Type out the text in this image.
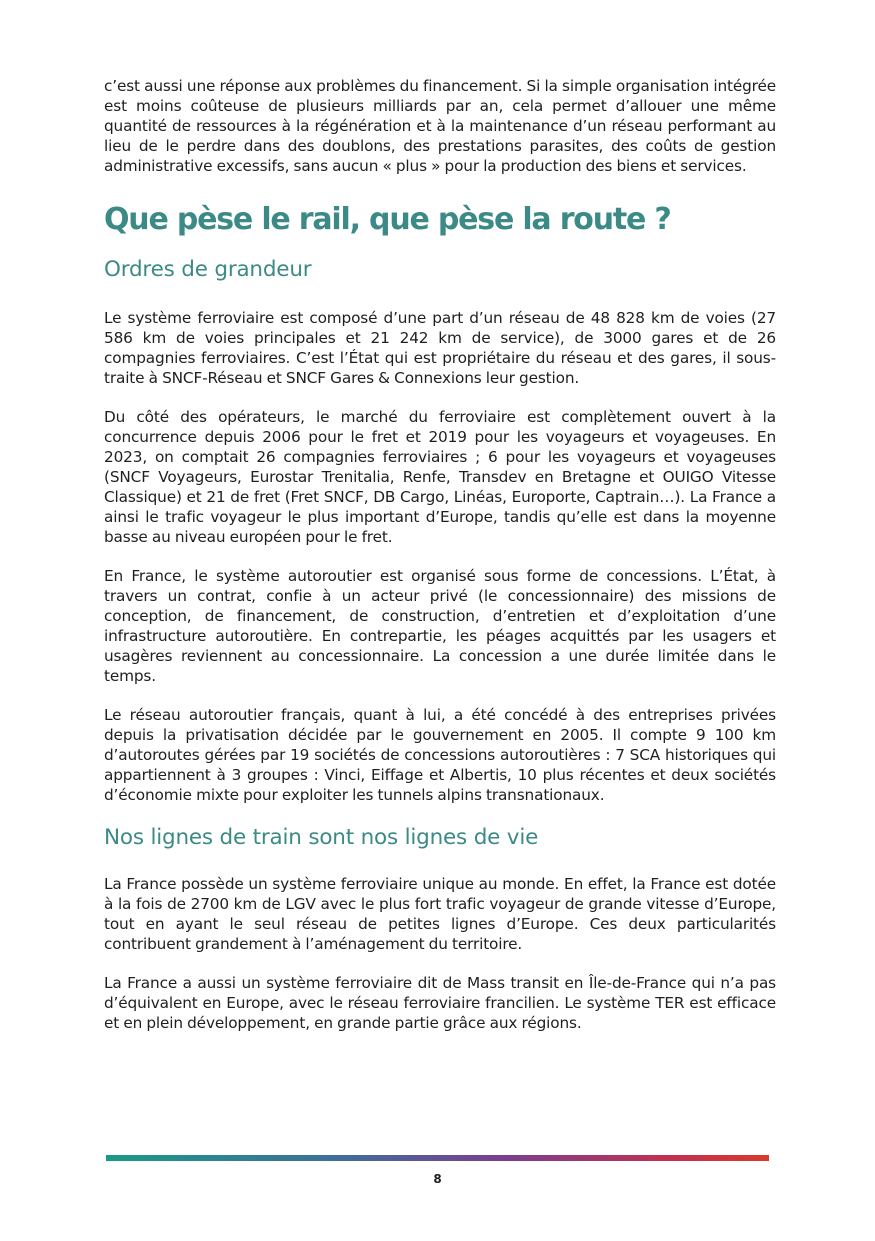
c’est aussi une réponse aux problèmes du financement. Si la simple organisation intégrée est moins coûteuse de plusieurs milliards par an, cela permet d’allouer une même quantité de ressources à la régénération et à la maintenance d’un réseau performant au lieu de le perdre dans des doublons, des prestations parasites, des coûts de gestion administrative excessifs, sans aucun « plus » pour la production des biens et services.

Que pèse le rail, que pèse la route ?
Ordres de grandeur

Le système ferroviaire est composé d’une part d’un réseau de 48 828 km de voies (27 586 km de voies principales et 21 242 km de service), de 3000 gares et de 26 compagnies ferroviaires. C’est l’État qui est propriétaire du réseau et des gares, il sous-traite à SNCF-Réseau et SNCF Gares & Connexions leur gestion.

Du côté des opérateurs, le marché du ferroviaire est complètement ouvert à la concurrence depuis 2006 pour le fret et 2019 pour les voyageurs et voyageuses. En 2023, on comptait 26 compagnies ferroviaires ; 6 pour les voyageurs et voyageuses (SNCF Voyageurs, Eurostar Trenitalia, Renfe, Transdev en Bretagne et OUIGO Vitesse Classique) et 21 de fret (Fret SNCF, DB Cargo, Linéas, Europorte, Captrain…). La France a ainsi le trafic voyageur le plus important d’Europe, tandis qu’elle est dans la moyenne basse au niveau européen pour le fret.

En France, le système autoroutier est organisé sous forme de concessions. L’État, à travers un contrat, confie à un acteur privé (le concessionnaire) des missions de conception, de financement, de construction, d’entretien et d’exploitation d’une infrastructure autoroutière. En contrepartie, les péages acquittés par les usagers et usagères reviennent au concessionnaire. La concession a une durée limitée dans le temps.

Le réseau autoroutier français, quant à lui, a été concédé à des entreprises privées depuis la privatisation décidée par le gouvernement en 2005. Il compte 9 100 km d’autoroutes gérées par 19 sociétés de concessions autoroutières : 7 SCA historiques qui appartiennent à 3 groupes : Vinci, Eiffage et Albertis, 10 plus récentes et deux sociétés d’économie mixte pour exploiter les tunnels alpins transnationaux.

Nos lignes de train sont nos lignes de vie

La France possède un système ferroviaire unique au monde. En effet, la France est dotée à la fois de 2700 km de LGV avec le plus fort trafic voyageur de grande vitesse d’Europe, tout en ayant le seul réseau de petites lignes d’Europe. Ces deux particularités contribuent grandement à l’aménagement du territoire.

La France a aussi un système ferroviaire dit de Mass transit en Île-de-France qui n’a pas d’équivalent en Europe, avec le réseau ferroviaire francilien. Le système TER est efficace et en plein développement, en grande partie grâce aux régions.

8
